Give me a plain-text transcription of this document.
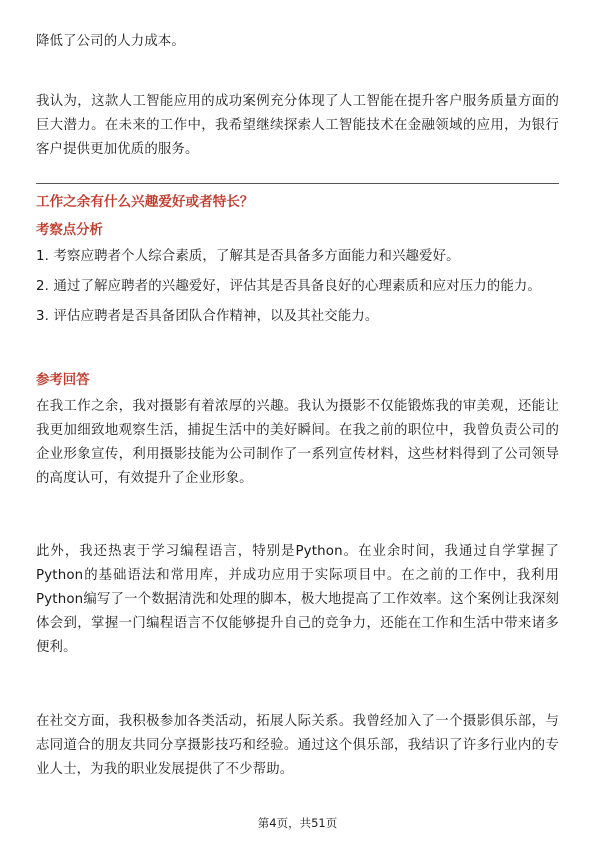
降低了公司的人力成本。

我认为，这款人工智能应用的成功案例充分体现了人工智能在提升客户服务质量方面的巨大潜力。在未来的工作中，我希望继续探索人工智能技术在金融领域的应用，为银行客户提供更加优质的服务。

工作之余有什么兴趣爱好或者特长？

考察点分析

1. 考察应聘者个人综合素质，了解其是否具备多方面能力和兴趣爱好。
2. 通过了解应聘者的兴趣爱好，评估其是否具备良好的心理素质和应对压力的能力。
3. 评估应聘者是否具备团队合作精神，以及其社交能力。

参考回答

在我工作之余，我对摄影有着浓厚的兴趣。我认为摄影不仅能锻炼我的审美观，还能让我更加细致地观察生活，捕捉生活中的美好瞬间。在我之前的职位中，我曾负责公司的企业形象宣传，利用摄影技能为公司制作了一系列宣传材料，这些材料得到了公司领导的高度认可，有效提升了企业形象。

此外，我还热衷于学习编程语言，特别是Python。在业余时间，我通过自学掌握了Python的基础语法和常用库，并成功应用于实际项目中。在之前的工作中，我利用Python编写了一个数据清洗和处理的脚本，极大地提高了工作效率。这个案例让我深刻体会到，掌握一门编程语言不仅能够提升自己的竞争力，还能在工作和生活中带来诸多便利。

在社交方面，我积极参加各类活动，拓展人际关系。我曾经加入了一个摄影俱乐部，与志同道合的朋友共同分享摄影技巧和经验。通过这个俱乐部，我结识了许多行业内的专业人士，为我的职业发展提供了不少帮助。

第4页，共51页
